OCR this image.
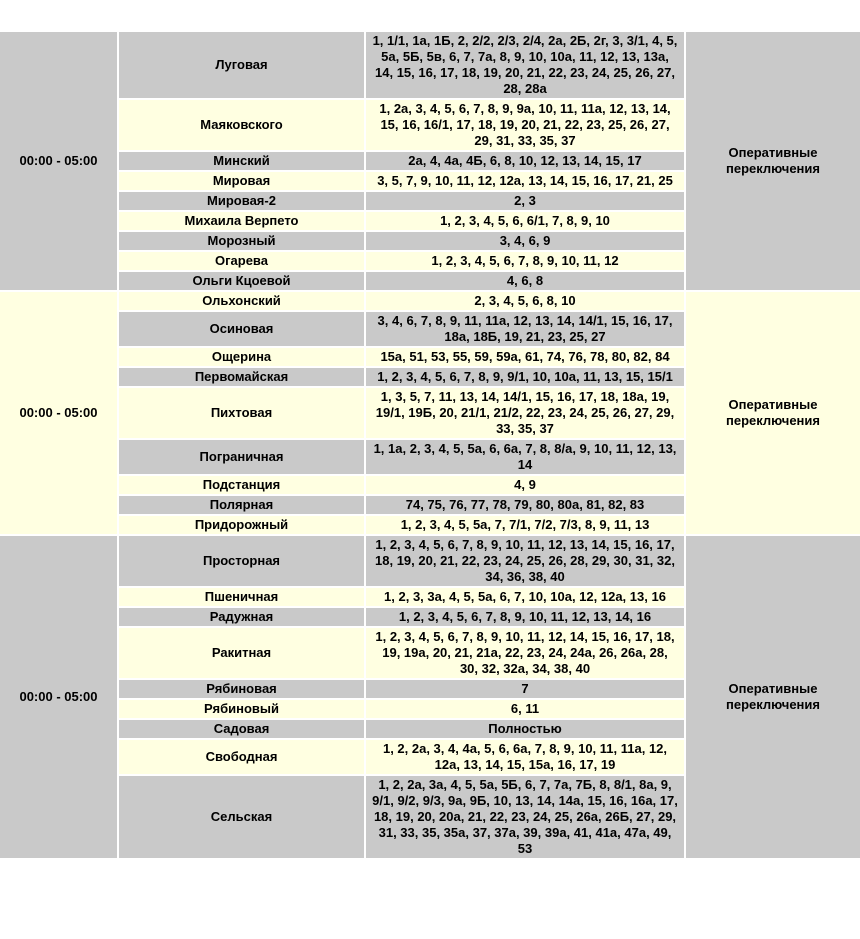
00:00 - 05:00	Луговая	1, 1/1, 1а, 1Б, 2, 2/2, 2/3, 2/4, 2а, 2Б, 2г, 3, 3/1, 4, 5, 5а, 5Б, 5в, 6, 7, 7а, 8, 9, 10, 10а, 11, 12, 13, 13а, 14, 15, 16, 17, 18, 19, 20, 21, 22, 23, 24, 25, 26, 27, 28, 28а	Оперативные переключения
	Маяковского	1, 2а, 3, 4, 5, 6, 7, 8, 9, 9а, 10, 11, 11а, 12, 13, 14, 15, 16, 16/1, 17, 18, 19, 20, 21, 22, 23, 25, 26, 27, 29, 31, 33, 35, 37	
	Минский	2а, 4, 4а, 4Б, 6, 8, 10, 12, 13, 14, 15, 17	
	Мировая	3, 5, 7, 9, 10, 11, 12, 12а, 13, 14, 15, 16, 17, 21, 25	
	Мировая-2	2, 3	
	Михаила Верпето	1, 2, 3, 4, 5, 6, 6/1, 7, 8, 9, 10	
	Морозный	3, 4, 6, 9	
	Огарева	1, 2, 3, 4, 5, 6, 7, 8, 9, 10, 11, 12	
	Ольги Кцоевой	4, 6, 8	
00:00 - 05:00	Ольхонский	2, 3, 4, 5, 6, 8, 10	Оперативные переключения
	Осиновая	3, 4, 6, 7, 8, 9, 11, 11а, 12, 13, 14, 14/1, 15, 16, 17, 18а, 18Б, 19, 21, 23, 25, 27	
	Ощерина	15а, 51, 53, 55, 59, 59а, 61, 74, 76, 78, 80, 82, 84	
	Первомайская	1, 2, 3, 4, 5, 6, 7, 8, 9, 9/1, 10, 10а, 11, 13, 15, 15/1	
	Пихтовая	1, 3, 5, 7, 11, 13, 14, 14/1, 15, 16, 17, 18, 18а, 19, 19/1, 19Б, 20, 21/1, 21/2, 22, 23, 24, 25, 26, 27, 29, 33, 35, 37	
	Пограничная	1, 1а, 2, 3, 4, 5, 5а, 6, 6а, 7, 8, 8/а, 9, 10, 11, 12, 13, 14	
	Подстанция	4, 9	
	Полярная	74, 75, 76, 77, 78, 79, 80, 80а, 81, 82, 83	
	Придорожный	1, 2, 3, 4, 5, 5а, 7, 7/1, 7/2, 7/3, 8, 9, 11, 13	
00:00 - 05:00	Просторная	1, 2, 3, 4, 5, 6, 7, 8, 9, 10, 11, 12, 13, 14, 15, 16, 17, 18, 19, 20, 21, 22, 23, 24, 25, 26, 28, 29, 30, 31, 32, 34, 36, 38, 40	Оперативные переключения
	Пшеничная	1, 2, 3, 3а, 4, 5, 5а, 6, 7, 10, 10а, 12, 12а, 13, 16	
	Радужная	1, 2, 3, 4, 5, 6, 7, 8, 9, 10, 11, 12, 13, 14, 16	
	Ракитная	1, 2, 3, 4, 5, 6, 7, 8, 9, 10, 11, 12, 14, 15, 16, 17, 18, 19, 19а, 20, 21, 21а, 22, 23, 24, 24а, 26, 26а, 28, 30, 32, 32а, 34, 38, 40	
	Рябиновая	7	
	Рябиновый	6, 11	
	Садовая	Полностью	
	Свободная	1, 2, 2а, 3, 4, 4а, 5, 6, 6а, 7, 8, 9, 10, 11, 11а, 12, 12а, 13, 14, 15, 15а, 16, 17, 19	
	Сельская	1, 2, 2а, 3а, 4, 5, 5а, 5Б, 6, 7, 7а, 7Б, 8, 8/1, 8а, 9, 9/1, 9/2, 9/3, 9а, 9Б, 10, 13, 14, 14а, 15, 16, 16а, 17, 18, 19, 20, 20а, 21, 22, 23, 24, 25, 26а, 26Б, 27, 29, 31, 33, 35, 35а, 37, 37а, 39, 39а, 41, 41а, 47а, 49, 53	
